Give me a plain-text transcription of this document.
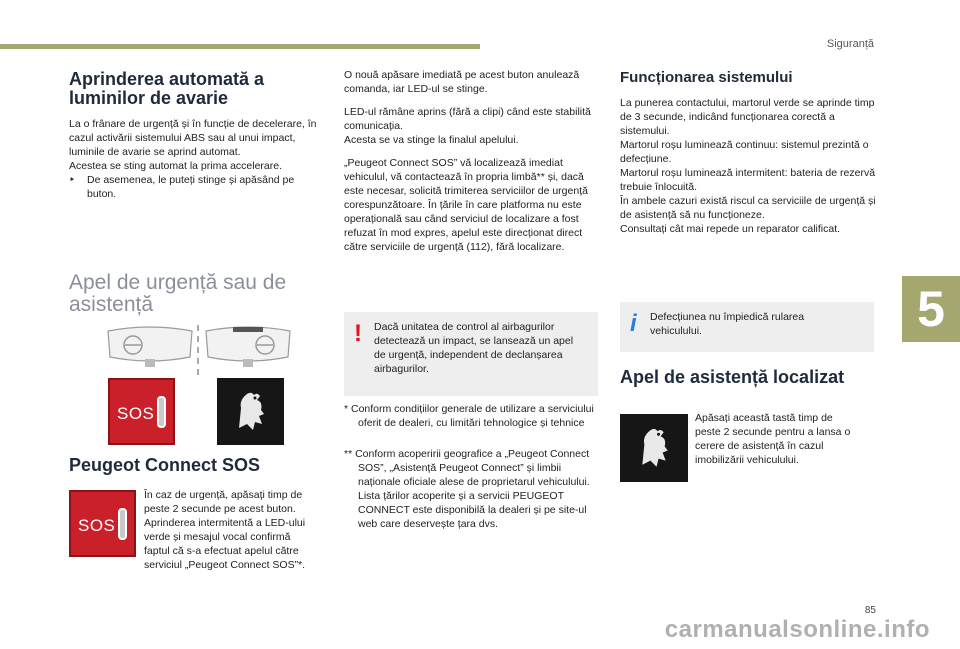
Siguranță
5
Aprinderea automată a luminilor de avarie

La o frânare de urgență și în funcție de decelerare, în cazul activării sistemului ABS sau al unui impact, luminile de avarie se aprind automat.

Acestea se sting automat la prima accelerare.

‣ De asemenea, le puteți stinge și apăsând pe buton.

Apel de urgență sau de asistență
SOS
Peugeot Connect SOS
SOS

În caz de urgență, apăsați timp de peste 2 secunde pe acest buton.

Aprinderea intermitentă a LED-ului verde și mesajul vocal confirmă faptul că s-a efectuat apelul către serviciul „Peugeot Connect SOS”*.

O nouă apăsare imediată pe acest buton anulează comanda, iar LED-ul se stinge.

LED-ul rămâne aprins (fără a clipi) când este stabilită comunicația.

Acesta se va stinge la finalul apelului.

„Peugeot Connect SOS” vă localizează imediat vehiculul, vă contactează în propria limbă** și, dacă este necesar, solicită trimiterea serviciilor de urgență corespunzătoare. În țările în care platforma nu este operațională sau când serviciul de localizare a fost refuzat în mod expres, apelul este direcționat direct către serviciile de urgență (112), fără localizare.

! Dacă unitatea de control al airbagurilor detectează un impact, se lansează un apel de urgență, independent de declanșarea airbagurilor.

* Conform condițiilor generale de utilizare a serviciului oferit de dealeri, cu limitări tehnologice și tehnice

** Conform acoperirii geografice a „Peugeot Connect SOS”, „Asistență Peugeot Connect” și limbii naționale oficiale alese de proprietarul vehiculului.

Lista țărilor acoperite și a servicii PEUGEOT CONNECT este disponibilă la dealeri și pe site-ul web care deservește țara dvs.

Funcționarea sistemului

La punerea contactului, martorul verde se aprinde timp de 3 secunde, indicând funcționarea corectă a sistemului.

Martorul roșu luminează continuu: sistemul prezintă o defecțiune.

Martorul roșu luminează intermitent: bateria de rezervă trebuie înlocuită.

În ambele cazuri există riscul ca serviciile de urgență și de asistență să nu funcționeze.

Consultați cât mai repede un reparator calificat.

i Defecțiunea nu împiedică rularea vehiculului.
Apel de asistență localizat
Apăsați această tastă timp de peste 2 secunde pentru a lansa o cerere de asistență în cazul imobilizării vehiculului.
85
carmanualsonline.info
